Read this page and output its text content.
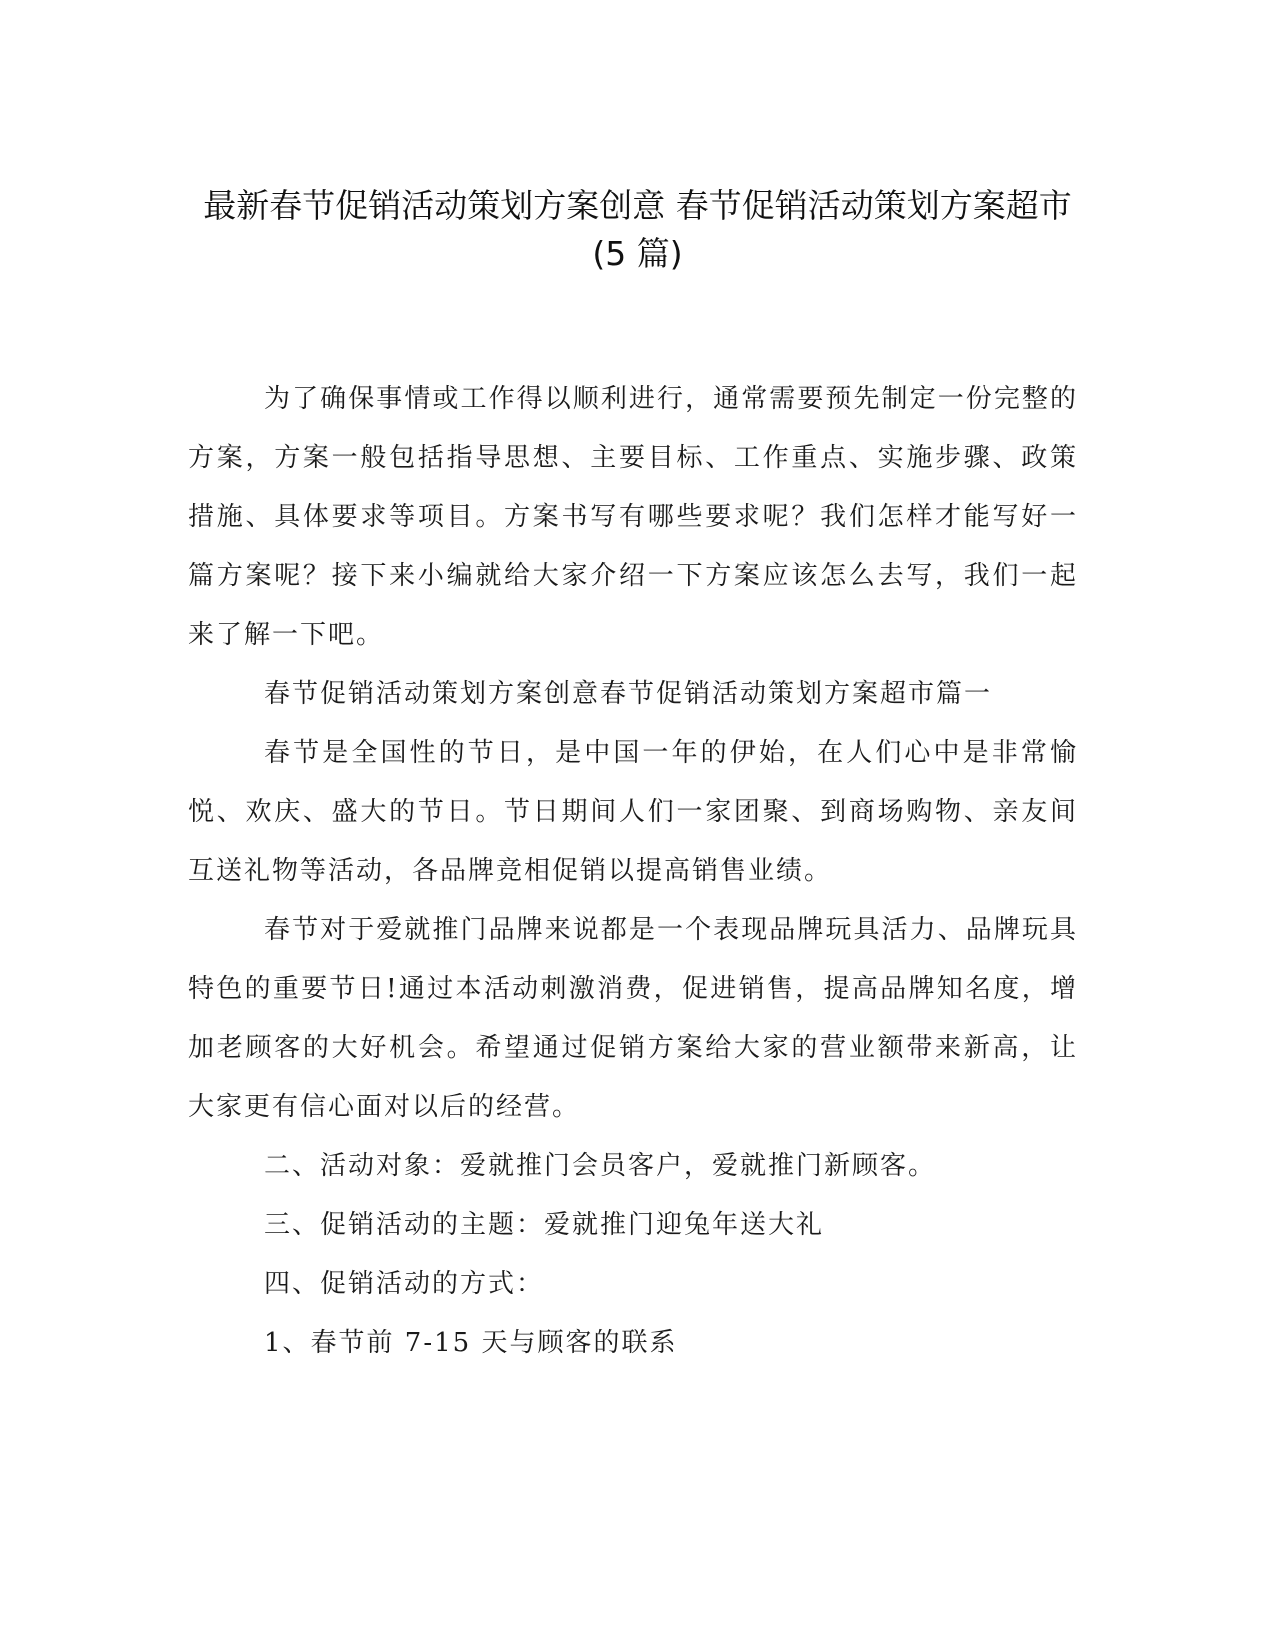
最新春节促销活动策划方案创意 春节促销活动策划方案超市
(5 篇)

为了确保事情或工作得以顺利进行，通常需要预先制定一份完整的方案，方案一般包括指导思想、主要目标、工作重点、实施步骤、政策措施、具体要求等项目。方案书写有哪些要求呢？我们怎样才能写好一篇方案呢？接下来小编就给大家介绍一下方案应该怎么去写，我们一起来了解一下吧。

春节促销活动策划方案创意春节促销活动策划方案超市篇一

春节是全国性的节日，是中国一年的伊始，在人们心中是非常愉悦、欢庆、盛大的节日。节日期间人们一家团聚、到商场购物、亲友间互送礼物等活动，各品牌竞相促销以提高销售业绩。

春节对于爱就推门品牌来说都是一个表现品牌玩具活力、品牌玩具特色的重要节日!通过本活动刺激消费，促进销售，提高品牌知名度，增加老顾客的大好机会。希望通过促销方案给大家的营业额带来新高，让大家更有信心面对以后的经营。

二、活动对象：爱就推门会员客户，爱就推门新顾客。

三、促销活动的主题：爱就推门迎兔年送大礼

四、促销活动的方式：

1、春节前 7-15 天与顾客的联系
